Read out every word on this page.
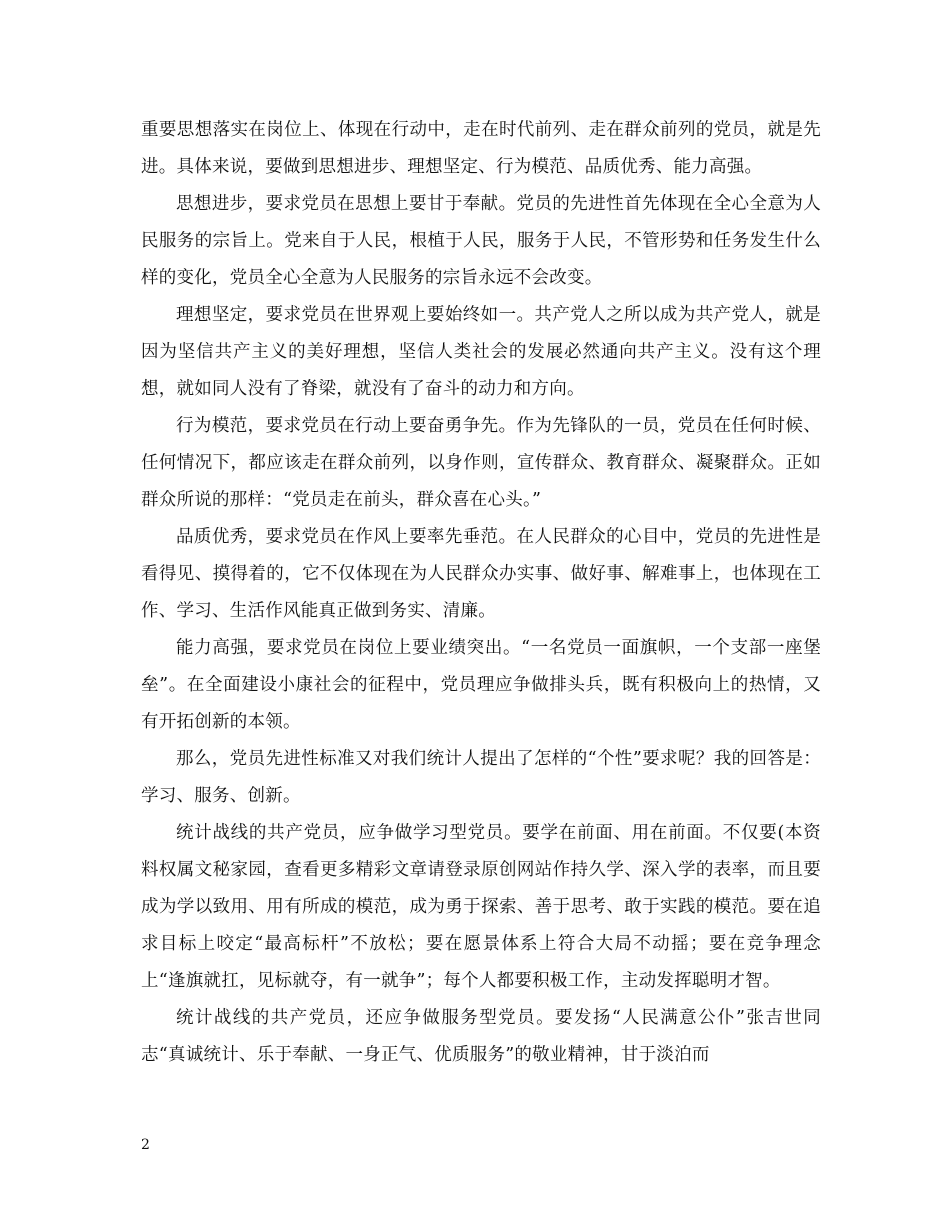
重要思想落实在岗位上、体现在行动中，走在时代前列、走在群众前列的党员，就是先进。具体来说，要做到思想进步、理想坚定、行为模范、品质优秀、能力高强。

思想进步，要求党员在思想上要甘于奉献。党员的先进性首先体现在全心全意为人民服务的宗旨上。党来自于人民，根植于人民，服务于人民，不管形势和任务发生什么样的变化，党员全心全意为人民服务的宗旨永远不会改变。

理想坚定，要求党员在世界观上要始终如一。共产党人之所以成为共产党人，就是因为坚信共产主义的美好理想，坚信人类社会的发展必然通向共产主义。没有这个理想，就如同人没有了脊梁，就没有了奋斗的动力和方向。

行为模范，要求党员在行动上要奋勇争先。作为先锋队的一员，党员在任何时候、任何情况下，都应该走在群众前列，以身作则，宣传群众、教育群众、凝聚群众。正如群众所说的那样：“党员走在前头，群众喜在心头。”

品质优秀，要求党员在作风上要率先垂范。在人民群众的心目中，党员的先进性是看得见、摸得着的，它不仅体现在为人民群众办实事、做好事、解难事上，也体现在工作、学习、生活作风能真正做到务实、清廉。

能力高强，要求党员在岗位上要业绩突出。“一名党员一面旗帜，一个支部一座堡垒”。在全面建设小康社会的征程中，党员理应争做排头兵，既有积极向上的热情，又有开拓创新的本领。

那么，党员先进性标准又对我们统计人提出了怎样的“个性”要求呢？我的回答是：学习、服务、创新。

统计战线的共产党员，应争做学习型党员。要学在前面、用在前面。不仅要(本资料权属文秘家园，查看更多精彩文章请登录原创网站作持久学、深入学的表率，而且要成为学以致用、用有所成的模范，成为勇于探索、善于思考、敢于实践的模范。要在追求目标上咬定“最高标杆”不放松；要在愿景体系上符合大局不动摇；要在竞争理念上“逢旗就扛，见标就夺，有一就争”；每个人都要积极工作，主动发挥聪明才智。

统计战线的共产党员，还应争做服务型党员。要发扬“人民满意公仆”张吉世同志“真诚统计、乐于奉献、一身正气、优质服务”的敬业精神，甘于淡泊而

2
